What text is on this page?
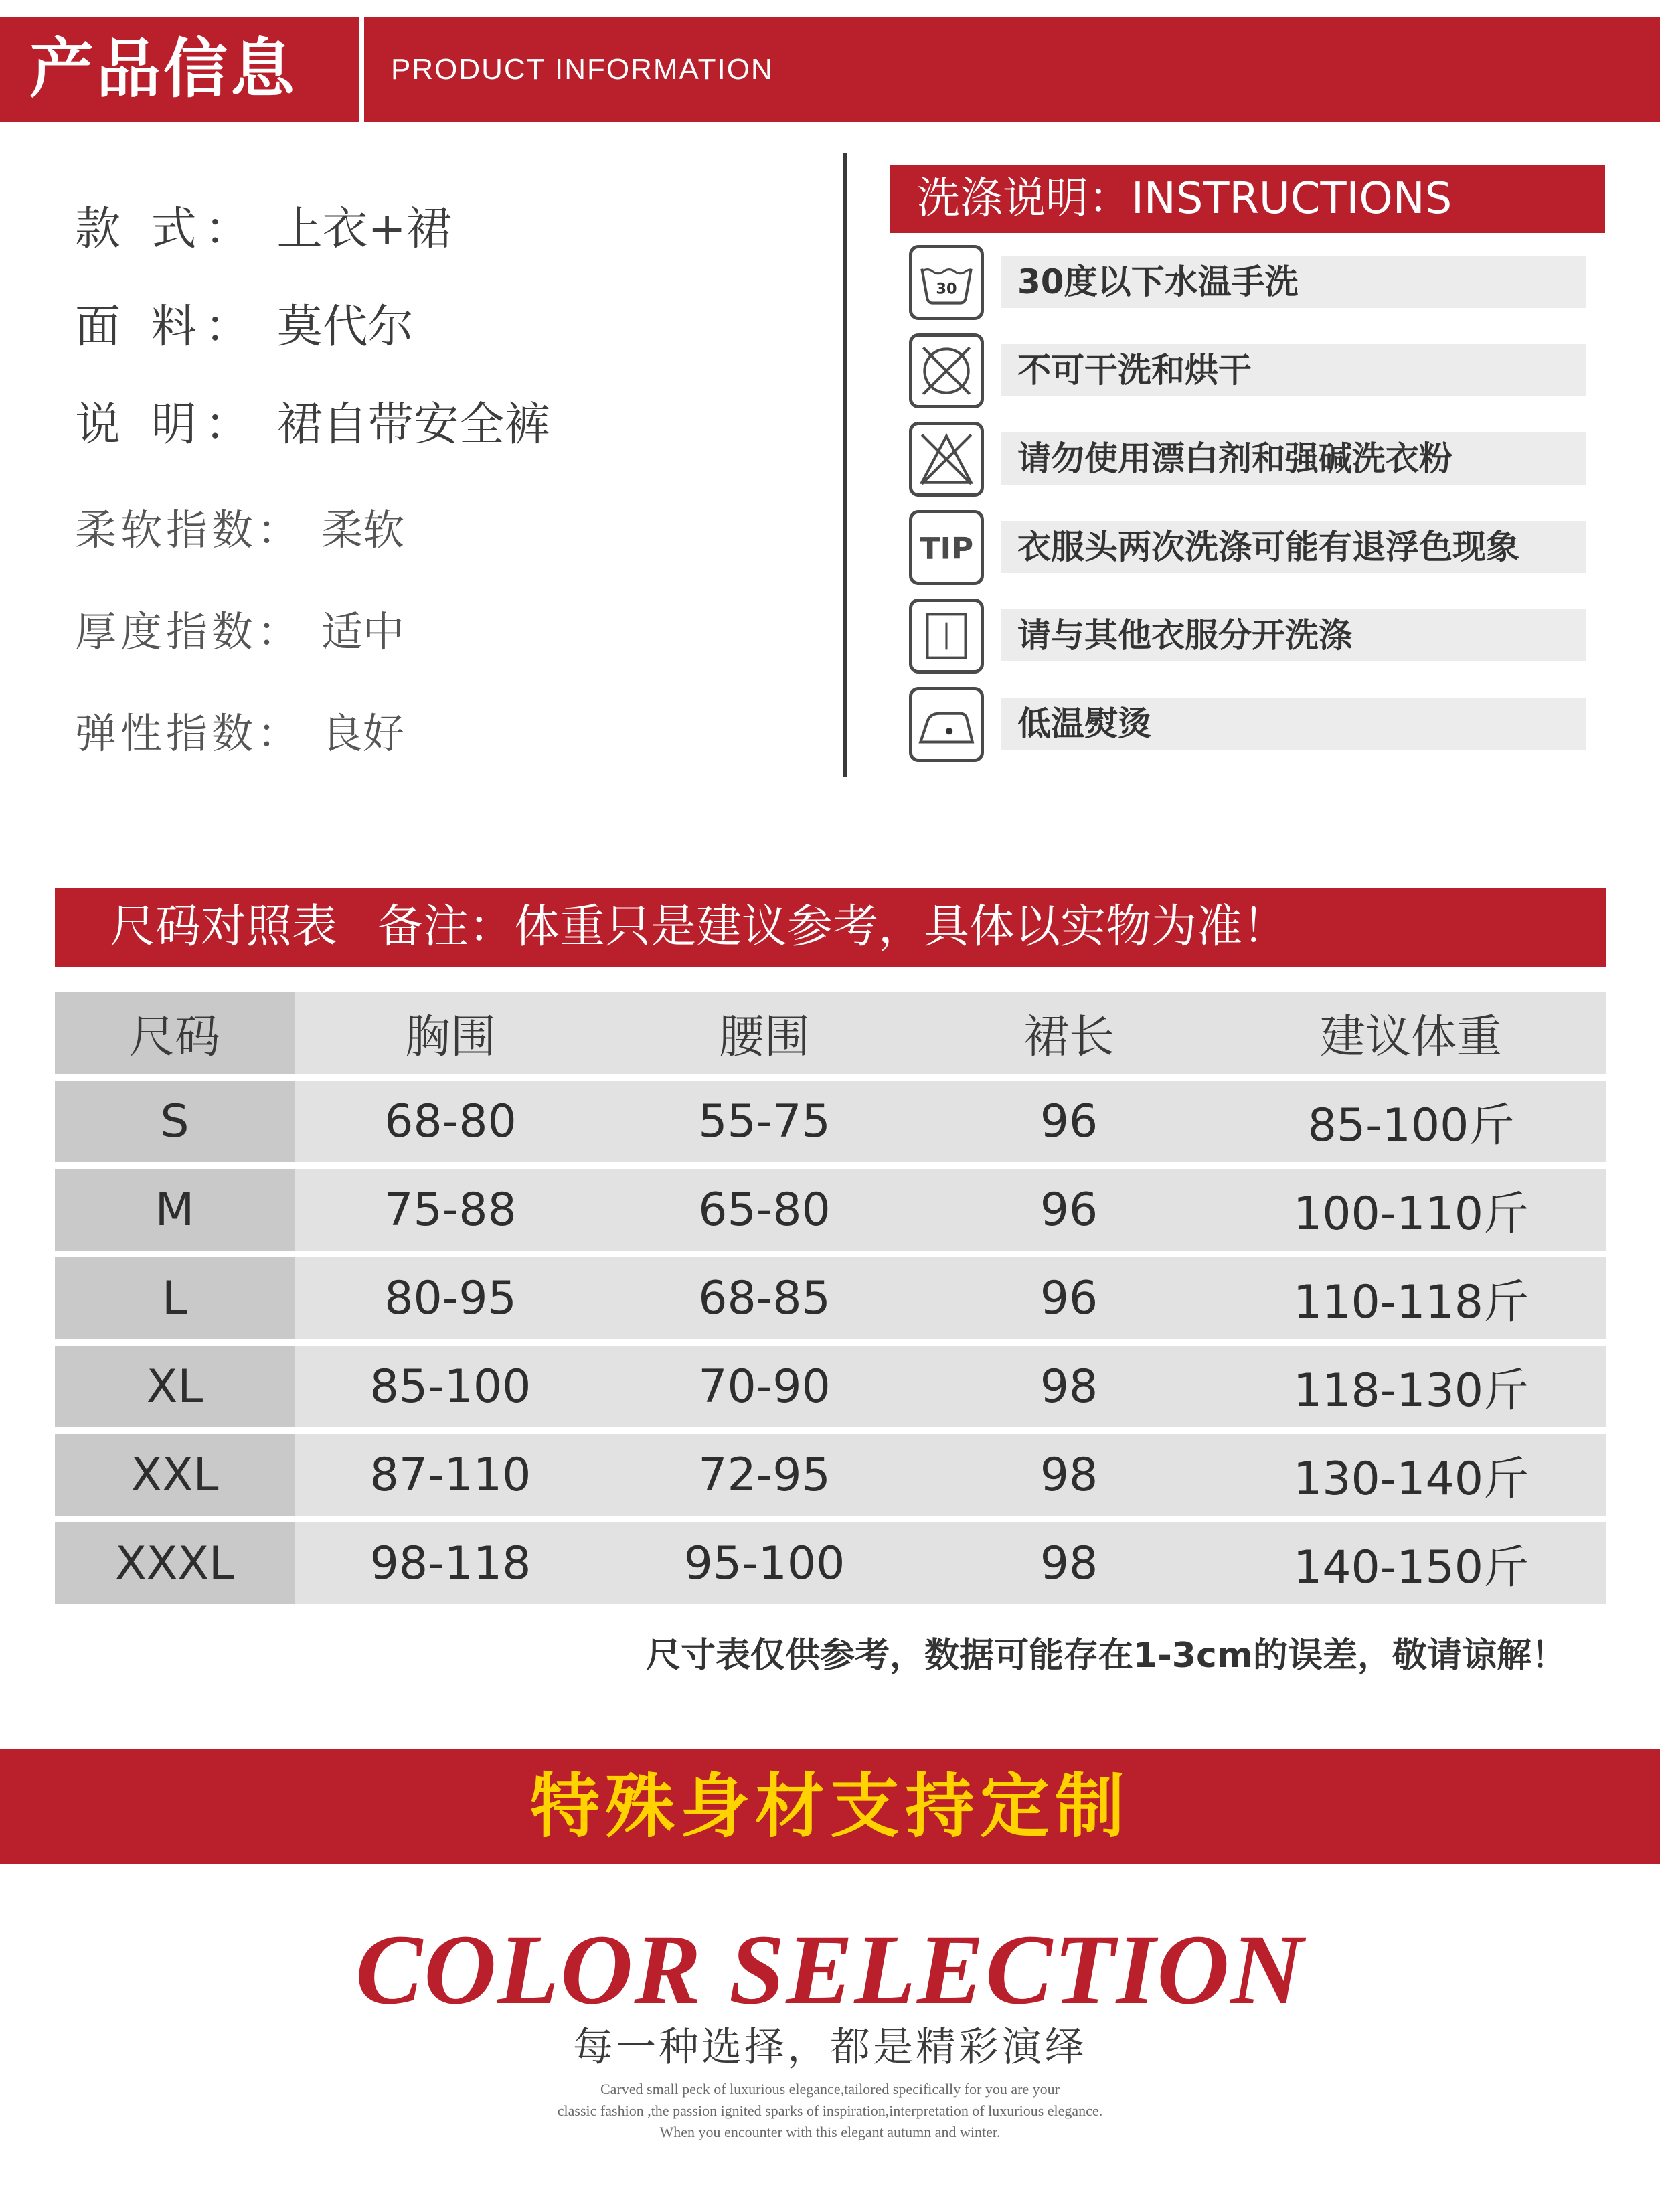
产品信息	PRODUCT INFORMATION
款 式： 上衣+裙
面 料： 莫代尔
说 明： 裙自带安全裤
柔软指数： 柔软
厚度指数： 适中
弹性指数： 良好
洗涤说明：INSTRUCTIONS
30	30度以下水温手洗
不可干洗和烘干
请勿使用漂白剂和强碱洗衣粉
TIP	衣服头两次洗涤可能有退浮色现象
请与其他衣服分开洗涤
低温熨烫
尺码对照表 备注：体重只是建议参考，具体以实物为准！
尺码	胸围	腰围	裙长	建议体重
S	68-80	55-75	96	85-100斤
M	75-88	65-80	96	100-110斤
L	80-95	68-85	96	110-118斤
XL	85-100	70-90	98	118-130斤
XXL	87-110	72-95	98	130-140斤
XXXL	98-118	95-100	98	140-150斤
尺寸表仅供参考，数据可能存在1-3cm的误差，敬请谅解！
特殊身材支持定制
COLOR SELECTION
每一种选择，都是精彩演绎
Carved small peck of luxurious elegance,tailored specifically for you are your
classic fashion ,the passion ignited sparks of inspiration,interpretation of luxurious elegance.
When you encounter with this elegant autumn and winter.
